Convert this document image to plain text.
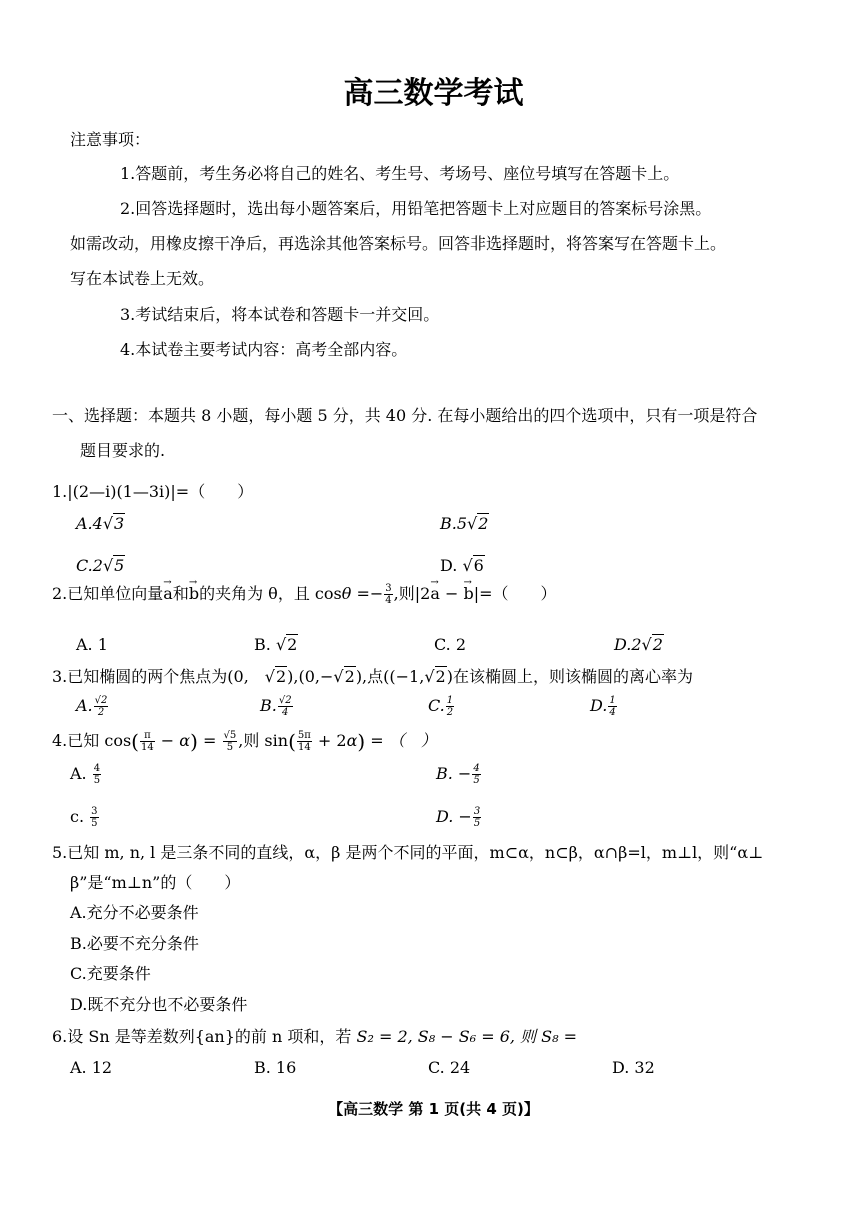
高三数学考试
注意事项：
1.答题前，考生务必将自己的姓名、考生号、考场号、座位号填写在答题卡上。
2.回答选择题时，选出每小题答案后，用铅笔把答题卡上对应题目的答案标号涂黑。
如需改动，用橡皮擦干净后，再选涂其他答案标号。回答非选择题时，将答案写在答题卡上。
写在本试卷上无效。
3.考试结束后，将本试卷和答题卡一并交回。
4.本试卷主要考试内容：高考全部内容。
一、选择题：本题共 8 小题，每小题 5 分，共 40 分. 在每小题给出的四个选项中，只有一项是符合
题目要求的.
1.|(2—i)(1—3i)|=（　　）
A.4√3	B.5√2
C.2√5	D. √6
2.已知单位向量→ a和→ b的夹角为 θ，且 $\cos\theta =- \frac{3}{4}$ ,则|2→ a − → b|=（　　）
A. 1	B. √2	C. 2	D.2√2
3.已知椭圆的两个焦点为(0,　√2),(0,−√2),点((−1,√2)在该椭圆上，则该椭圆的离心率为
A. $\frac{√2}{2}$	B. $\frac{√2}{4}$	C. $\frac{1}{2}$	D. $\frac{1}{4}$
4.已知 $\cos( \frac{\pi}{14} - \alpha) = \frac{√5}{5}$ ,则 $\sin( \frac{5\pi}{14} + 2\alpha)$ = （　）
A. $\frac{4}{5}$	B. − $\frac{4}{5}$
c. $\frac{3}{5}$	D. − $\frac{3}{5}$
5.已知 m, n, l 是三条不同的直线，α，β 是两个不同的平面，m⊂α，n⊂β，α∩β=l，m⊥l，则“α⊥
β”是“m⊥n”的（　　）
A.充分不必要条件
B.必要不充分条件
C.充要条件
D.既不充分也不必要条件
6.设 Sn 是等差数列{an}的前 n 项和，若 S₂ = 2, S₈ − S₆ = 6, 则 S₈ =
A. 12	B. 16	C. 24	D. 32
【高三数学 第 1 页(共 4 页)】
